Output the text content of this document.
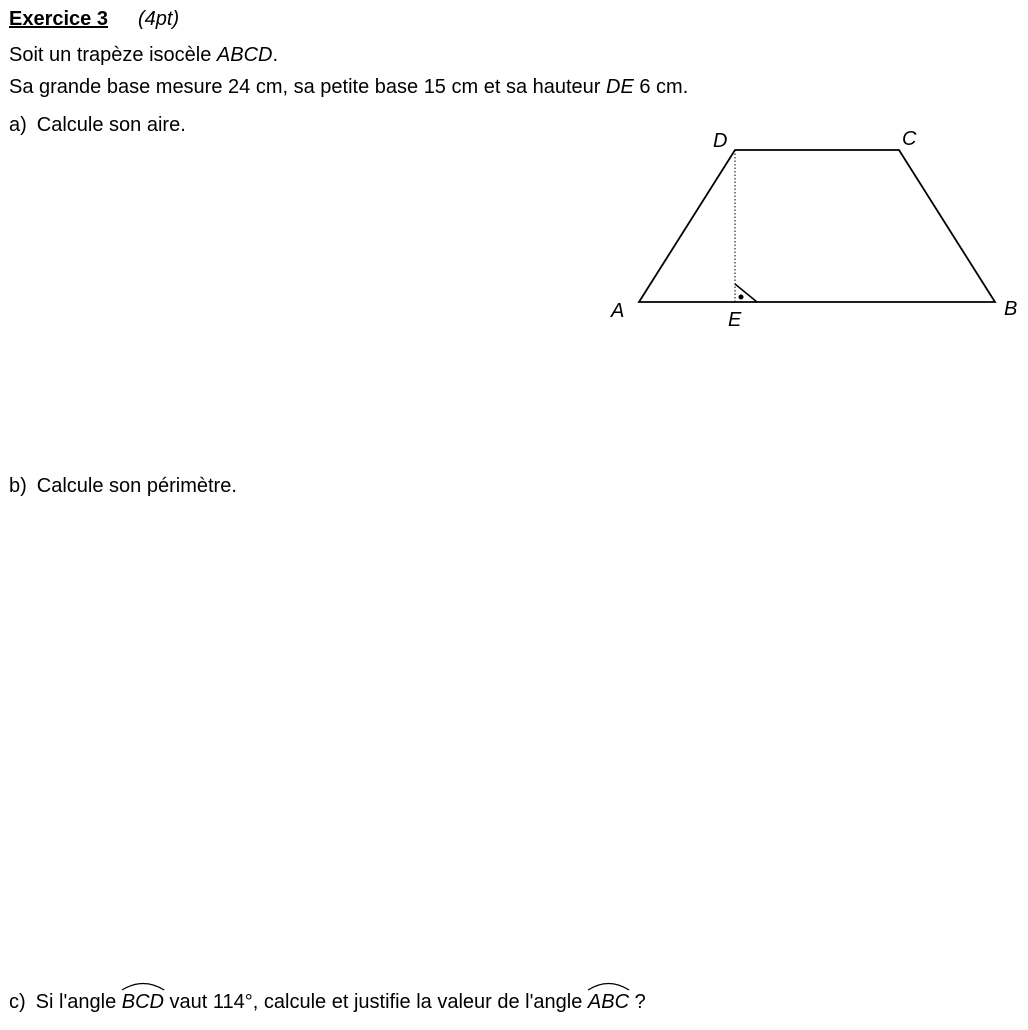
Exercice 3 (4pt)
Soit un trapèze isocèle ABCD.
Sa grande base mesure 24 cm, sa petite base 15 cm et sa hauteur DE 6 cm.
a) Calcule son aire.
D	C
A	B
E
b) Calcule son périmètre.
c) Si l'angle
BCD vaut 114°, calcule et justifie la valeur de l'angle
ABC ?
